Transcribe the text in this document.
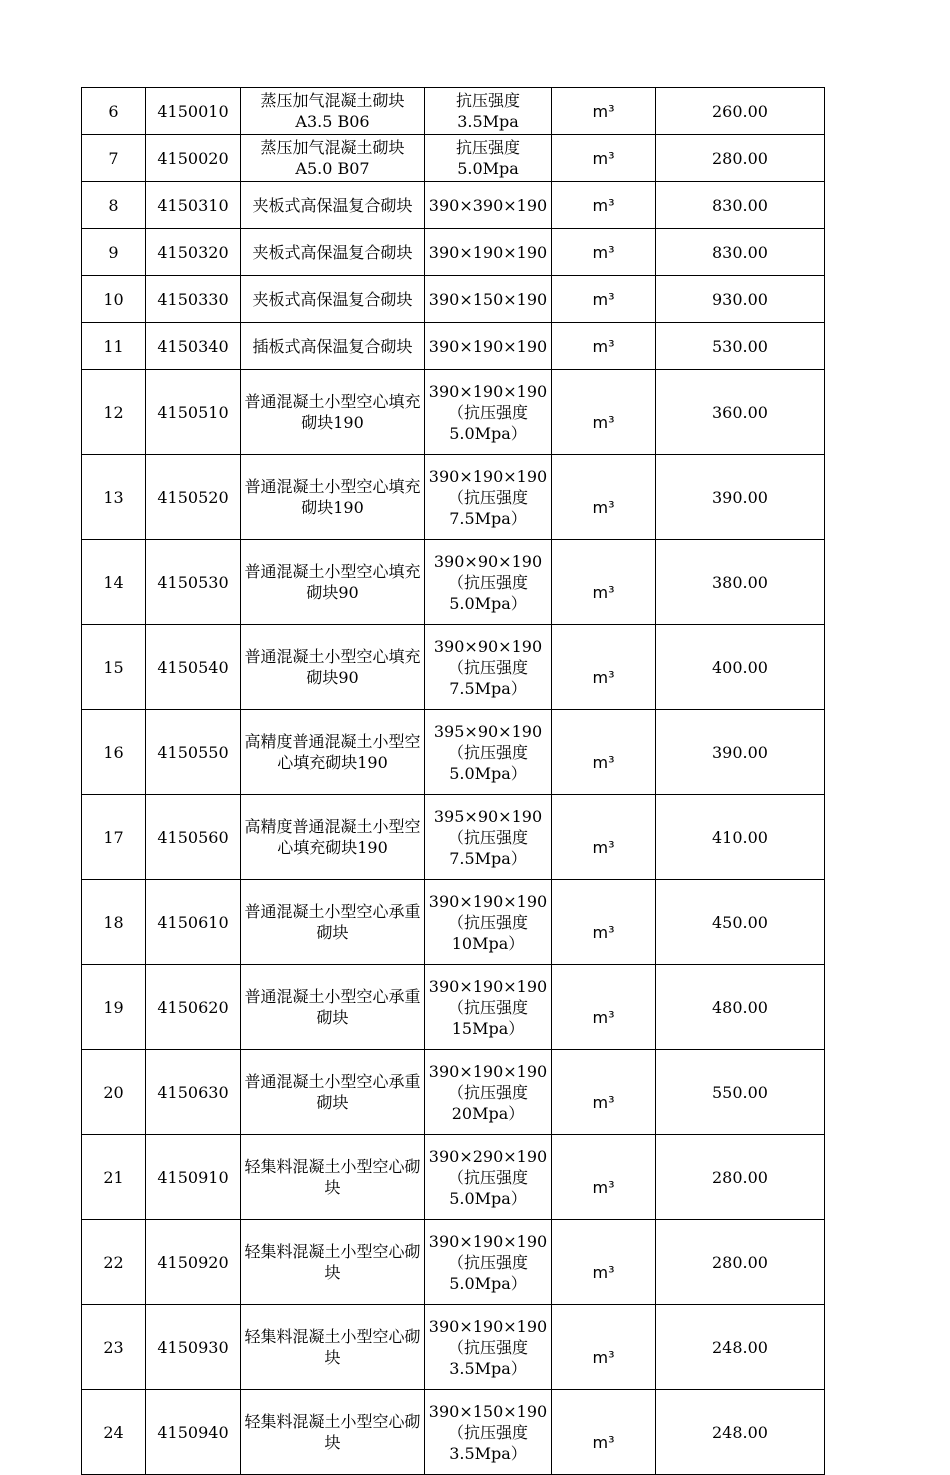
6	4150010	蒸压加气混凝土砌块A3.5 B06	抗压强度3.5Mpa	m³	260.00
7	4150020	蒸压加气混凝土砌块A5.0 B07	抗压强度5.0Mpa	m³	280.00
8	4150310	夹板式高保温复合砌块	390×390×190	m³	830.00
9	4150320	夹板式高保温复合砌块	390×190×190	m³	830.00
10	4150330	夹板式高保温复合砌块	390×150×190	m³	930.00
11	4150340	插板式高保温复合砌块	390×190×190	m³	530.00
12	4150510	普通混凝土小型空心填充砌块190	390×190×190（抗压强度5.0Mpa）	m³	360.00
13	4150520	普通混凝土小型空心填充砌块190	390×190×190（抗压强度7.5Mpa）	m³	390.00
14	4150530	普通混凝土小型空心填充砌块90	390×90×190（抗压强度5.0Mpa）	m³	380.00
15	4150540	普通混凝土小型空心填充砌块90	390×90×190（抗压强度7.5Mpa）	m³	400.00
16	4150550	高精度普通混凝土小型空心填充砌块190	395×90×190（抗压强度5.0Mpa）	m³	390.00
17	4150560	高精度普通混凝土小型空心填充砌块190	395×90×190（抗压强度7.5Mpa）	m³	410.00
18	4150610	普通混凝土小型空心承重砌块	390×190×190（抗压强度10Mpa）	m³	450.00
19	4150620	普通混凝土小型空心承重砌块	390×190×190（抗压强度15Mpa）	m³	480.00
20	4150630	普通混凝土小型空心承重砌块	390×190×190（抗压强度20Mpa）	m³	550.00
21	4150910	轻集料混凝土小型空心砌块	390×290×190（抗压强度5.0Mpa）	m³	280.00
22	4150920	轻集料混凝土小型空心砌块	390×190×190（抗压强度5.0Mpa）	m³	280.00
23	4150930	轻集料混凝土小型空心砌块	390×190×190（抗压强度3.5Mpa）	m³	248.00
24	4150940	轻集料混凝土小型空心砌块	390×150×190（抗压强度3.5Mpa）	m³	248.00
